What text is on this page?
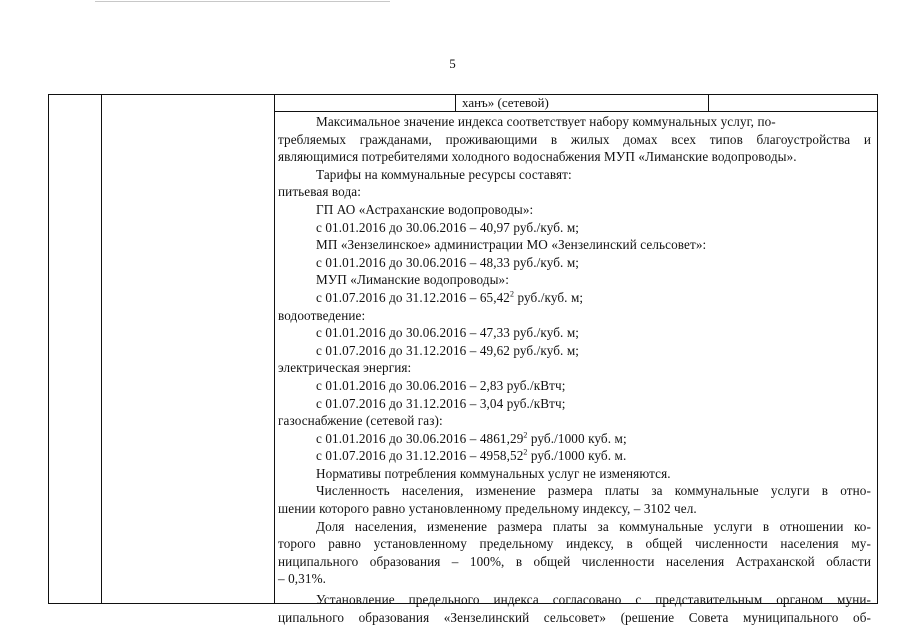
5
ханъ» (сетевой)

Максимальное значение индекса соответствует набору коммунальных услуг, по-

требляемых гражданами, проживающими в жилых домах всех типов благоустройства и

являющимися потребителями холодного водоснабжения МУП «Лиманские водопроводы».

Тарифы на коммунальные ресурсы составят:

питьевая вода:

ГП АО «Астраханские водопроводы»:

с 01.01.2016 до 30.06.2016 – 40,97 руб./куб. м;

МП «Зензелинское» администрации МО «Зензелинский сельсовет»:

с 01.01.2016 до 30.06.2016 – 48,33 руб./куб. м;

МУП «Лиманские водопроводы»:

с 01.07.2016 до 31.12.2016 – 65,42$^2$ руб./куб. м;

водоотведение:

с 01.01.2016 до 30.06.2016 – 47,33 руб./куб. м;

с 01.07.2016 до 31.12.2016 – 49,62 руб./куб. м;

электрическая энергия:

с 01.01.2016 до 30.06.2016 – 2,83 руб./кВтч;

с 01.07.2016 до 31.12.2016 – 3,04 руб./кВтч;

газоснабжение (сетевой газ):

с 01.01.2016 до 30.06.2016 – 4861,29$^2$ руб./1000 куб. м;

с 01.07.2016 до 31.12.2016 – 4958,52$^2$ руб./1000 куб. м.

Нормативы потребления коммунальных услуг не изменяются.

Численность населения, изменение размера платы за коммунальные услуги в отно-

шении которого равно установленному предельному индексу, – 3102 чел.

Доля населения, изменение размера платы за коммунальные услуги в отношении ко-

торого равно установленному предельному индексу, в общей численности населения му-

ниципального образования – 100%, в общей численности населения Астраханской области

– 0,31%.

Установление предельного индекса согласовано с представительным органом муни-

ципального образования «Зензелинский сельсовет» (решение Совета муниципального об-
